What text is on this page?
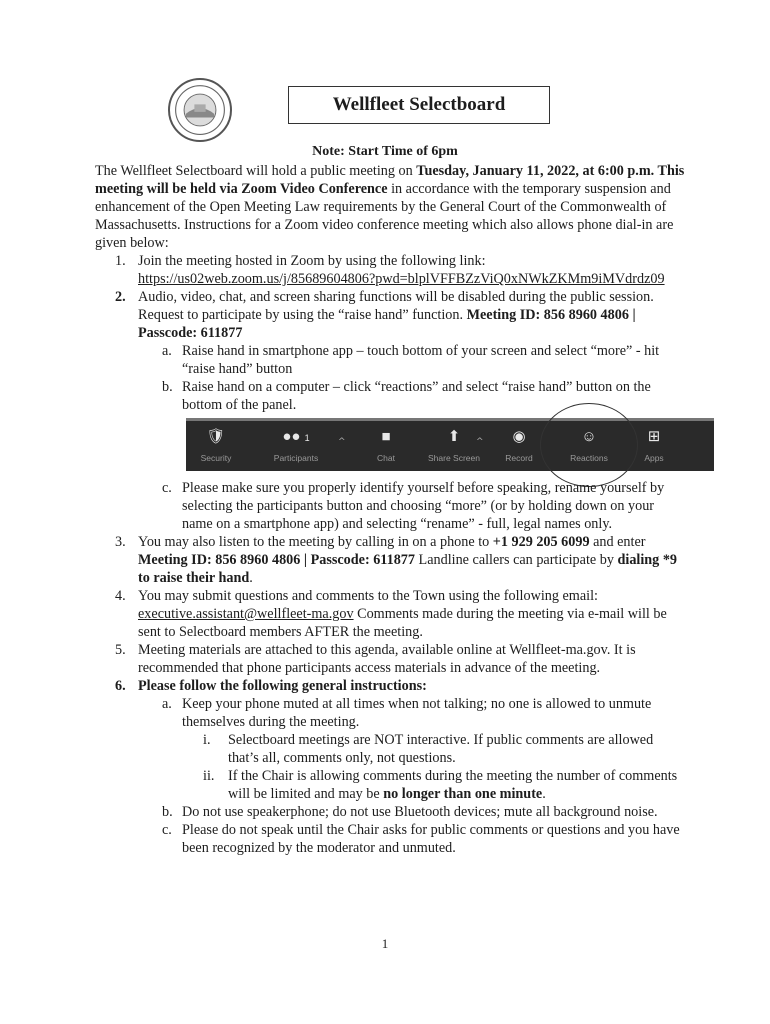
Wellfleet Selectboard
Note: Start Time of 6pm

The Wellfleet Selectboard will hold a public meeting on Tuesday, January 11, 2022, at 6:00 p.m. This meeting will be held via Zoom Video Conference in accordance with the temporary suspension and enhancement of the Open Meeting Law requirements by the General Court of the Commonwealth of Massachusetts. Instructions for a Zoom video conference meeting which also allows phone dial-in are given below:

1. Join the meeting hosted in Zoom by using the following link:
https://us02web.zoom.us/j/85689604806?pwd=blplVFFBZzViQ0xNWkZKMm9iMVdrdz09
2. Audio, video, chat, and screen sharing functions will be disabled during the public session. Request to participate by using the “raise hand” function. Meeting ID: 856 8960 4806 | Passcode: 611877
a. Raise hand in smartphone app – touch bottom of your screen and select “more” - hit “raise hand” button
b. Raise hand on a computer – click “reactions” and select “raise hand” button on the bottom of the panel.
🛡
Security
●● 1
Participants
^	■
Chat
⬆
Share Screen
^	◉
Record
☺
Reactions
⊞
Apps
c. Please make sure you properly identify yourself before speaking, rename yourself by selecting the participants button and choosing “more” (or by holding down on your name on a smartphone app) and selecting “rename” - full, legal names only.
3. You may also listen to the meeting by calling in on a phone to +1 929 205 6099 and enter Meeting ID: 856 8960 4806 | Passcode: 611877 Landline callers can participate by dialing *9 to raise their hand.
4. You may submit questions and comments to the Town using the following email: executive.assistant@wellfleet-ma.gov Comments made during the meeting via e-mail will be sent to Selectboard members AFTER the meeting.
5. Meeting materials are attached to this agenda, available online at Wellfleet-ma.gov. It is recommended that phone participants access materials in advance of the meeting.
6. Please follow the following general instructions:
a. Keep your phone muted at all times when not talking; no one is allowed to unmute themselves during the meeting.
i. Selectboard meetings are NOT interactive. If public comments are allowed that’s all, comments only, not questions.
ii. If the Chair is allowing comments during the meeting the number of comments will be limited and may be no longer than one minute.
b. Do not use speakerphone; do not use Bluetooth devices; mute all background noise.
c. Please do not speak until the Chair asks for public comments or questions and you have been recognized by the moderator and unmuted.
1
